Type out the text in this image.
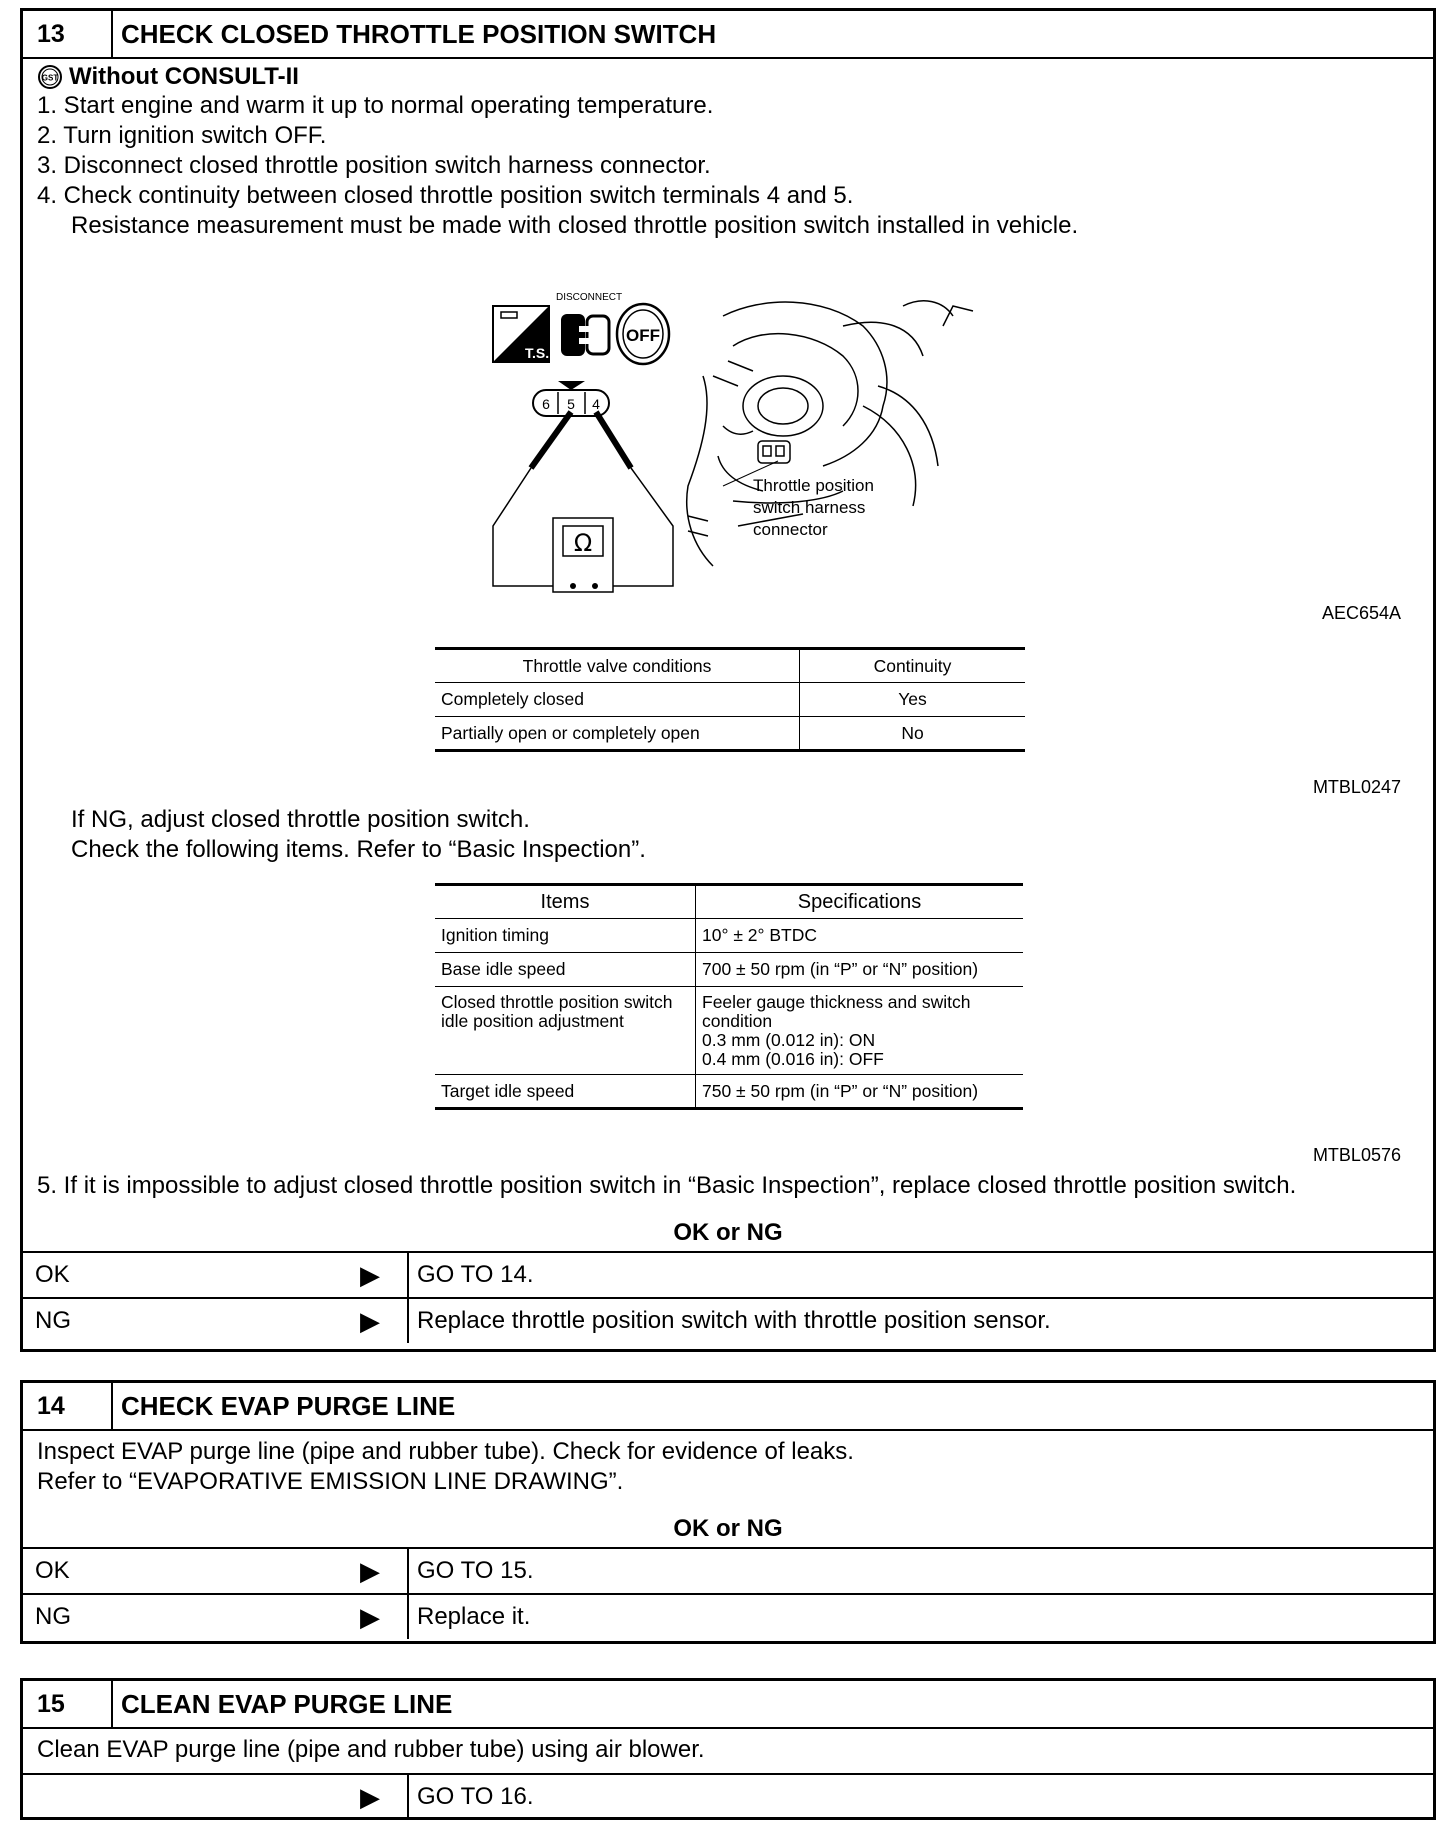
13	CHECK CLOSED THROTTLE POSITION SWITCH
GST Without CONSULT-II
1. Start engine and warm it up to normal operating temperature.
2. Turn ignition switch OFF.
3. Disconnect closed throttle position switch harness connector.
4. Check continuity between closed throttle position switch terminals 4 and 5.
Resistance measurement must be made with closed throttle position switch installed in vehicle.
T.S.
DISCONNECT
OFF
6 5 4
Ω
Throttle position
switch harness
connector
AEC654A
Throttle valve conditions	Continuity
Completely closed	Yes
Partially open or completely open	No
MTBL0247
If NG, adjust closed throttle position switch.
Check the following items. Refer to “Basic Inspection”.
Items	Specifications
Ignition timing	10° ± 2° BTDC
Base idle speed	700 ± 50 rpm (in “P” or “N” position)
Closed throttle position switch idle position adjustment	Feeler gauge thickness and switch condition
0.3 mm (0.012 in): ON
0.4 mm (0.016 in): OFF

Target idle speed	750 ± 50 rpm (in “P” or “N” position)
MTBL0576
5. If it is impossible to adjust closed throttle position switch in “Basic Inspection”, replace closed throttle position switch.
OK or NG
OK	▶	GO TO 14.
NG	▶	Replace throttle position switch with throttle position sensor.
14	CHECK EVAP PURGE LINE
Inspect EVAP purge line (pipe and rubber tube). Check for evidence of leaks.
Refer to “EVAPORATIVE EMISSION LINE DRAWING”.
OK or NG
OK	▶	GO TO 15.
NG	▶	Replace it.
15	CLEAN EVAP PURGE LINE
Clean EVAP purge line (pipe and rubber tube) using air blower.
▶	GO TO 16.
